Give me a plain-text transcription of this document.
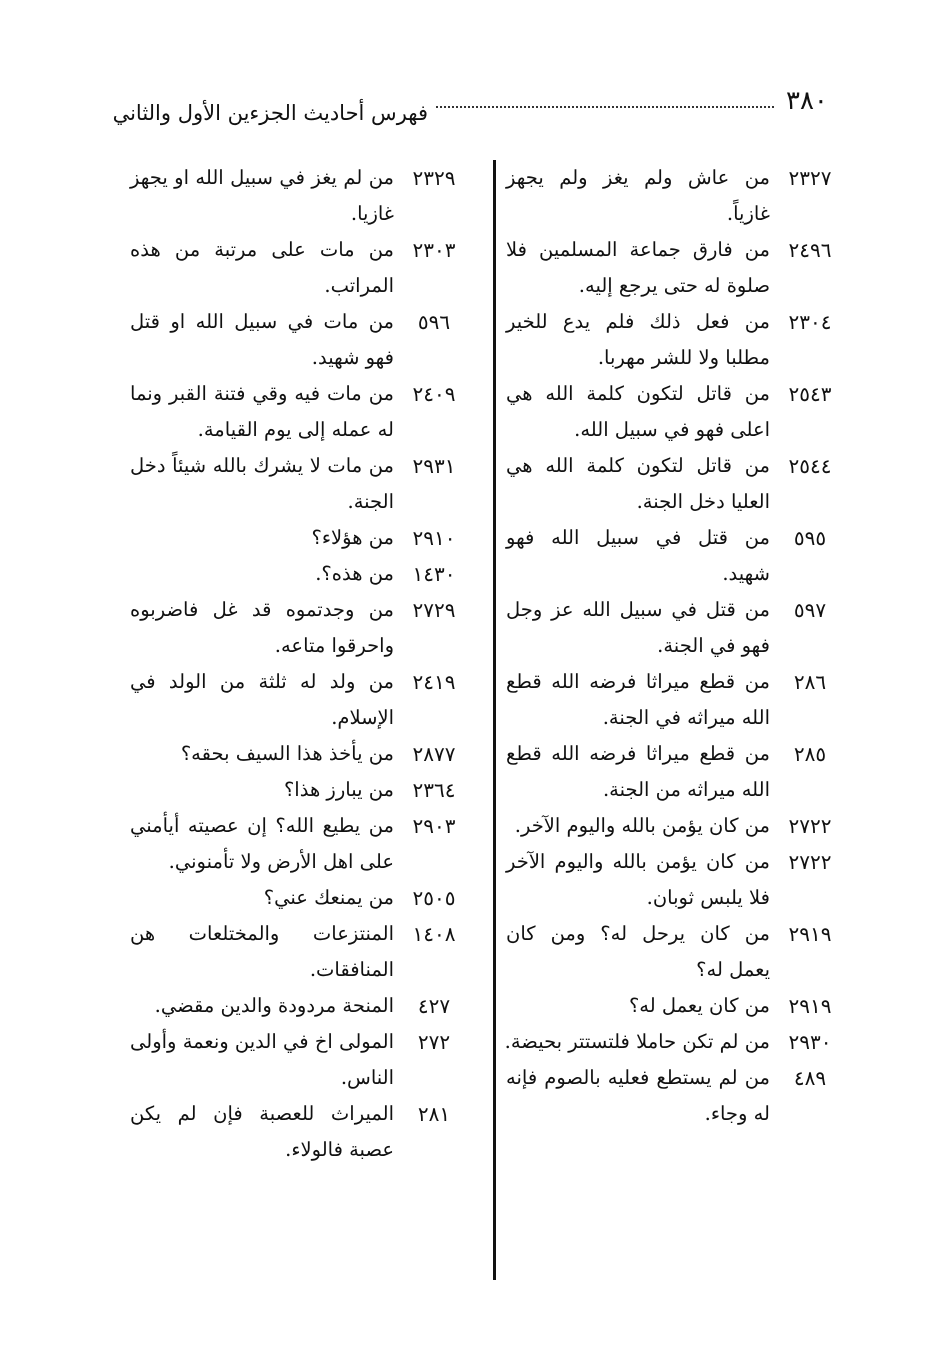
٣٨٠
فهرس أحاديث الجزءين الأول والثاني
٢٣٢٧
من عاش ولم يغز ولم يجهز غازياً.
٢٤٩٦
من فارق جماعة المسلمين فلا صلوة له حتى يرجع إليه.
٢٣٠٤
من فعل ذلك فلم يدع للخير مطلبا ولا للشر مهربا.
٢٥٤٣
من قاتل لتكون كلمة الله هي اعلى فهو في سبيل الله.
٢٥٤٤
من قاتل لتكون كلمة الله هي العليا دخل الجنة.
٥٩٥
من قتل في سبيل الله فهو شهيد.
٥٩٧
من قتل في سبيل الله عز وجل فهو في الجنة.
٢٨٦
من قطع ميراثا فرضه الله قطع الله ميراثه في الجنة.
٢٨٥
من قطع ميراثا فرضه الله قطع الله ميراثه من الجنة.
٢٧٢٢
من كان يؤمن بالله واليوم الآخر.
٢٧٢٢
من كان يؤمن بالله واليوم الآخر فلا يلبس ثوبان.
٢٩١٩
من كان يرحل له؟ ومن كان يعمل له؟
٢٩١٩
من كان يعمل له؟
٢٩٣٠
من لم تكن حاملا فلتستتر بحيضة.
٤٨٩
من لم يستطع فعليه بالصوم فإنه له وجاء.
٢٣٢٩
من لم يغز في سبيل الله او يجهز غازيا.
٢٣٠٣
من مات على مرتبة من هذه المراتب.
٥٩٦
من مات في سبيل الله او قتل فهو شهيد.
٢٤٠٩
من مات فيه وقي فتنة القبر ونما له عمله إلى يوم القيامة.
٢٩٣١
من مات لا يشرك بالله شيئاً دخل الجنة.
٢٩١٠
من هؤلاء؟
١٤٣٠
من هذه؟.
٢٧٢٩
من وجدتموه قد غل فاضربوه واحرقوا متاعه.
٢٤١٩
من ولد له ثلثة من الولد في الإسلام.
٢٨٧٧
من يأخذ هذا السيف بحقه؟
٢٣٦٤
من يبارز هذا؟
٢٩٠٣
من يطيع الله؟ إن عصيته أيأمني على اهل الأرض ولا تأمنوني.
٢٥٠٥
من يمنعك عني؟
١٤٠٨
المنتزعات والمختلعات هن المنافقات.
٤٢٧
المنحة مردودة والدين مقضي.
٢٧٢
المولى اخ في الدين ونعمة وأولى الناس.
٢٨١
الميراث للعصبة فإن لم يكن عصبة فالولاء.
